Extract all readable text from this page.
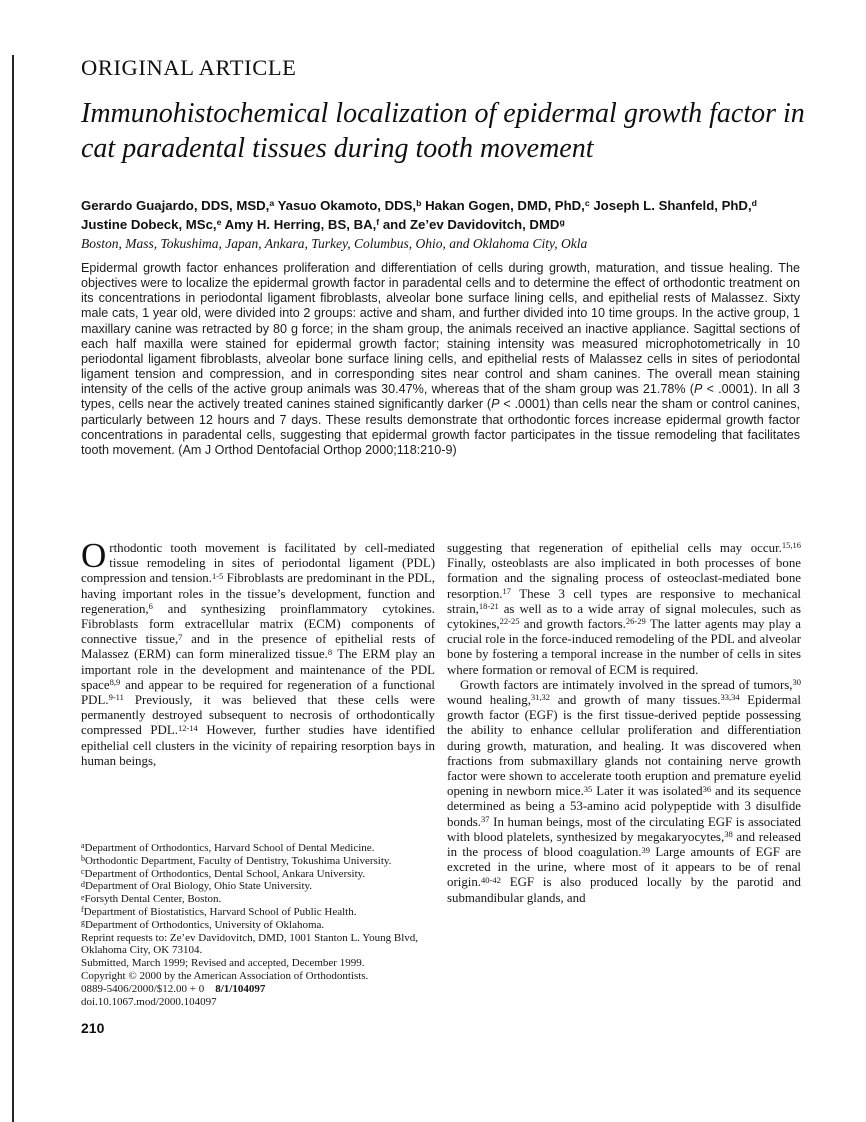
ORIGINAL ARTICLE
Immunohistochemical localization of epidermal growth factor in
cat paradental tissues during tooth movement
Gerardo Guajardo, DDS, MSD,$^a$ Yasuo Okamoto, DDS,$^b$ Hakan Gogen, DMD, PhD,$^c$ Joseph L. Shanfeld, PhD,$^d$
Justine Dobeck, MSc,$^e$ Amy H. Herring, BS, BA,$^f$ and Ze’ev Davidovitch, DMD$^g$
Boston, Mass, Tokushima, Japan, Ankara, Turkey, Columbus, Ohio, and Oklahoma City, Okla
Epidermal growth factor enhances proliferation and differentiation of cells during growth, maturation, and tissue healing. The objectives were to localize the epidermal growth factor in paradental cells and to determine the effect of orthodontic treatment on its concentrations in periodontal ligament fibroblasts, alveolar bone surface lining cells, and epithelial rests of Malassez. Sixty male cats, 1 year old, were divided into 2 groups: active and sham, and further divided into 10 time groups. In the active group, 1 maxillary canine was retracted by 80 g force; in the sham group, the animals received an inactive appliance. Sagittal sections of each half maxilla were stained for epidermal growth factor; staining intensity was measured microphotometrically in 10 periodontal ligament fibroblasts, alveolar bone surface lining cells, and epithelial rests of Malassez cells in sites of periodontal ligament tension and compression, and in corresponding sites near control and sham canines. The overall mean staining intensity of the cells of the active group animals was 30.47%, whereas that of the sham group was 21.78% (P < .0001). In all 3 types, cells near the actively treated canines stained significantly darker (P < .0001) than cells near the sham or control canines, particularly between 12 hours and 7 days. These results demonstrate that orthodontic forces increase epidermal growth factor concentrations in paradental cells, suggesting that epidermal growth factor participates in the tissue remodeling that facilitates tooth movement. (Am J Orthod Dentofacial Orthop 2000;118:210-9)

Orthodontic tooth movement is facilitated by cell-mediated tissue remodeling in sites of periodontal ligament (PDL) compression and tension.$^{1-5}$ Fibroblasts are predominant in the PDL, having important roles in the tissue’s development, function and regeneration,$^6$ and synthesizing proinflammatory cytokines. Fibroblasts form extracellular matrix (ECM) components of connective tissue,$^7$ and in the presence of epithelial rests of Malassez (ERM) can form mineralized tissue.$^8$ The ERM play an important role in the development and maintenance of the PDL space$^{8,9}$ and appear to be required for regeneration of a functional PDL.$^{9-11}$ Previously, it was believed that these cells were permanently destroyed subsequent to necrosis of orthodontically compressed PDL.$^{12-14}$ However, further studies have identified epithelial cell clusters in the vicinity of repairing resorption bays in human beings,

suggesting that regeneration of epithelial cells may occur.$^{15,16}$ Finally, osteoblasts are also implicated in both processes of bone formation and the signaling process of osteoclast-mediated bone resorption.$^{17}$ These 3 cell types are responsive to mechanical strain,$^{18-21}$ as well as to a wide array of signal molecules, such as cytokines,$^{22-25}$ and growth factors.$^{26-29}$ The latter agents may play a crucial role in the force-induced remodeling of the PDL and alveolar bone by fostering a temporal increase in the number of cells in sites where formation or removal of ECM is required.

Growth factors are intimately involved in the spread of tumors,$^{30}$ wound healing,$^{31,32}$ and growth of many tissues.$^{33,34}$ Epidermal growth factor (EGF) is the first tissue-derived peptide possessing the ability to enhance cellular proliferation and differentiation during growth, maturation, and healing. It was discovered when fractions from submaxillary glands not containing nerve growth factor were shown to accelerate tooth eruption and premature eyelid opening in newborn mice.$^{35}$ Later it was isolated$^{36}$ and its sequence determined as being a 53-amino acid polypeptide with 3 disulfide bonds.$^{37}$ In human beings, most of the circulating EGF is associated with blood platelets, synthesized by megakaryocytes,$^{38}$ and released in the process of blood coagulation.$^{39}$ Large amounts of EGF are excreted in the urine, where most of it appears to be of renal origin.$^{40-42}$ EGF is also produced locally by the parotid and submandibular glands, and

$^a$Department of Orthodontics, Harvard School of Dental Medicine.
$^b$Orthodontic Department, Faculty of Dentistry, Tokushima University.
$^c$Department of Orthodontics, Dental School, Ankara University.
$^d$Department of Oral Biology, Ohio State University.
$^e$Forsyth Dental Center, Boston.
$^f$Department of Biostatistics, Harvard School of Public Health.
$^g$Department of Orthodontics, University of Oklahoma.
Reprint requests to: Ze’ev Davidovitch, DMD, 1001 Stanton L. Young Blvd, Oklahoma City, OK 73104.
Submitted, March 1999; Revised and accepted, December 1999.
Copyright © 2000 by the American Association of Orthodontists.
0889-5406/2000/$12.00 + 0 8/1/104097
doi.10.1067.mod/2000.104097
210
